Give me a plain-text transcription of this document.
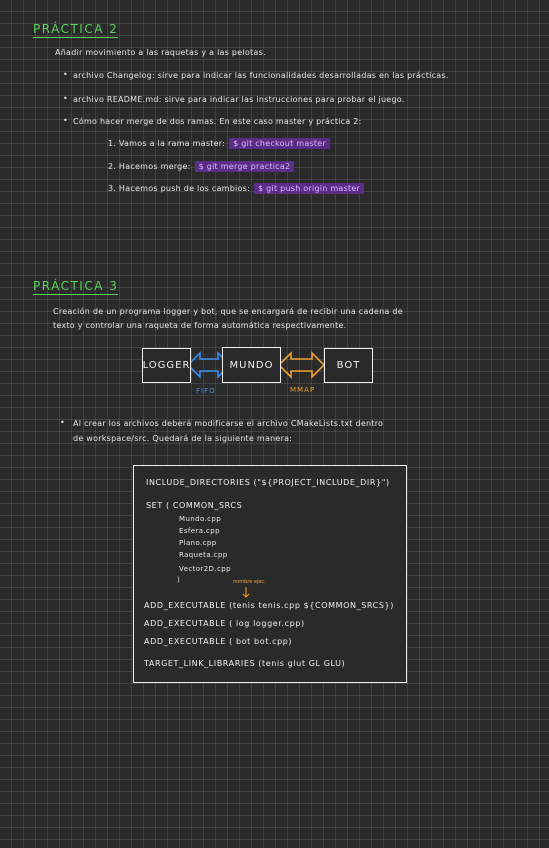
PRÁCTICA 2
Añadir movimiento a las raquetas y a las pelotas.
• archivo Changelog: sirve para indicar las funcionalidades desarrolladas en las prácticas.
• archivo README.md: sirve para indicar las instrucciones para probar el juego.
• Cómo hacer merge de dos ramas. En este caso master y práctica 2:
1. Vamos a la rama master: $ git checkout master
2. Hacemos merge: $ git merge practica2
3. Hacemos push de los cambios: $ git push origin master
PRÁCTICA 3
Creación de un programa logger y bot, que se encargará de recibir una cadena de
texto y controlar una raqueta de forma automática respectivamente.
LOGGER	MUNDO	BOT
FIFO	MMAP
• Al crear los archivos deberá modificarse el archivo CMakeLists.txt dentro
de workspace/src. Quedará de la siguiente manera:
INCLUDE_DIRECTORIES ("${PROJECT_INCLUDE_DIR}")
SET ( COMMON_SRCS
Mundo.cpp
Esfera.cpp
Plano.cpp
Raqueta.cpp
Vector2D.cpp
)	nombre ejec.
ADD_EXECUTABLE (tenis tenis.cpp ${COMMON_SRCS})
ADD_EXECUTABLE ( log logger.cpp)
ADD_EXECUTABLE ( bot bot.cpp)
TARGET_LINK_LIBRARIES (tenis glut GL GLU)
